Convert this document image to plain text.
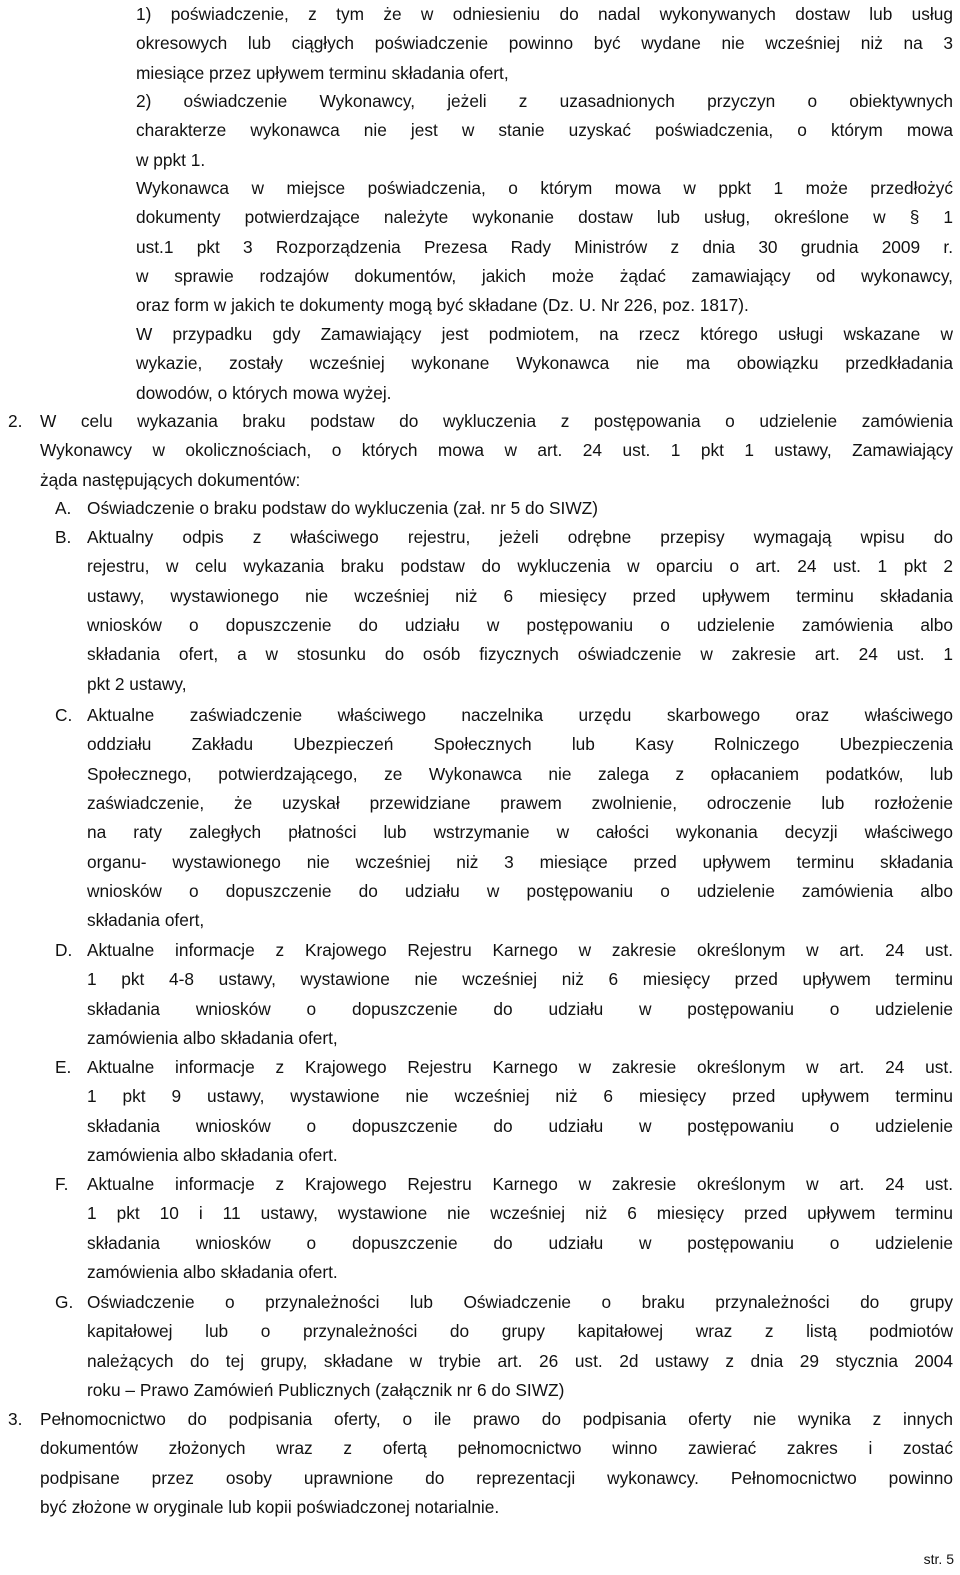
1) poświadczenie, z tym że w odniesieniu do nadal wykonywanych dostaw lub usług
okresowych lub ciągłych poświadczenie powinno być wydane nie wcześniej niż na 3
miesiące przez upływem terminu składania ofert,
2) oświadczenie Wykonawcy, jeżeli z uzasadnionych przyczyn o obiektywnych
charakterze wykonawca nie jest w stanie uzyskać poświadczenia, o którym mowa
w ppkt 1.
Wykonawca w miejsce poświadczenia, o którym mowa w ppkt 1 może przedłożyć
dokumenty potwierdzające należyte wykonanie dostaw lub usług, określone w § 1
ust.1 pkt 3 Rozporządzenia Prezesa Rady Ministrów z dnia 30 grudnia 2009 r.
w sprawie rodzajów dokumentów, jakich może żądać zamawiający od wykonawcy,
oraz form w jakich te dokumenty mogą być składane (Dz. U. Nr 226, poz. 1817).
W przypadku gdy Zamawiający jest podmiotem, na rzecz którego usługi wskazane w
wykazie, zostały wcześniej wykonane Wykonawca nie ma obowiązku przedkładania
dowodów, o których mowa wyżej.
2. W celu wykazania braku podstaw do wykluczenia z postępowania o udzielenie zamówienia
Wykonawcy w okolicznościach, o których mowa w art. 24 ust. 1 pkt 1 ustawy, Zamawiający
żąda następujących dokumentów:
A. Oświadczenie o braku podstaw do wykluczenia (zał. nr 5 do SIWZ)
B. Aktualny odpis z właściwego rejestru, jeżeli odrębne przepisy wymagają wpisu do
rejestru, w celu wykazania braku podstaw do wykluczenia w oparciu o art. 24 ust. 1 pkt 2
ustawy, wystawionego nie wcześniej niż 6 miesięcy przed upływem terminu składania
wniosków o dopuszczenie do udziału w postępowaniu o udzielenie zamówienia albo
składania ofert, a w stosunku do osób fizycznych oświadczenie w zakresie art. 24 ust. 1
pkt 2 ustawy,
C. Aktualne zaświadczenie właściwego naczelnika urzędu skarbowego oraz właściwego
oddziału Zakładu Ubezpieczeń Społecznych lub Kasy Rolniczego Ubezpieczenia
Społecznego, potwierdzającego, ze Wykonawca nie zalega z opłacaniem podatków, lub
zaświadczenie, że uzyskał przewidziane prawem zwolnienie, odroczenie lub rozłożenie
na raty zaległych płatności lub wstrzymanie w całości wykonania decyzji właściwego
organu- wystawionego nie wcześniej niż 3 miesiące przed upływem terminu składania
wniosków o dopuszczenie do udziału w postępowaniu o udzielenie zamówienia albo
składania ofert,
D. Aktualne informacje z Krajowego Rejestru Karnego w zakresie określonym w art. 24 ust.
1 pkt 4-8 ustawy, wystawione nie wcześniej niż 6 miesięcy przed upływem terminu
składania wniosków o dopuszczenie do udziału w postępowaniu o udzielenie
zamówienia albo składania ofert,
E. Aktualne informacje z Krajowego Rejestru Karnego w zakresie określonym w art. 24 ust.
1 pkt 9 ustawy, wystawione nie wcześniej niż 6 miesięcy przed upływem terminu
składania wniosków o dopuszczenie do udziału w postępowaniu o udzielenie
zamówienia albo składania ofert.
F. Aktualne informacje z Krajowego Rejestru Karnego w zakresie określonym w art. 24 ust.
1 pkt 10 i 11 ustawy, wystawione nie wcześniej niż 6 miesięcy przed upływem terminu
składania wniosków o dopuszczenie do udziału w postępowaniu o udzielenie
zamówienia albo składania ofert.
G. Oświadczenie o przynależności lub Oświadczenie o braku przynależności do grupy
kapitałowej lub o przynależności do grupy kapitałowej wraz z listą podmiotów
należących do tej grupy, składane w trybie art. 26 ust. 2d ustawy z dnia 29 stycznia 2004
roku – Prawo Zamówień Publicznych (załącznik nr 6 do SIWZ)
3. Pełnomocnictwo do podpisania oferty, o ile prawo do podpisania oferty nie wynika z innych
dokumentów złożonych wraz z ofertą pełnomocnictwo winno zawierać zakres i zostać
podpisane przez osoby uprawnione do reprezentacji wykonawcy. Pełnomocnictwo powinno
być złożone w oryginale lub kopii poświadczonej notarialnie.
str. 5
